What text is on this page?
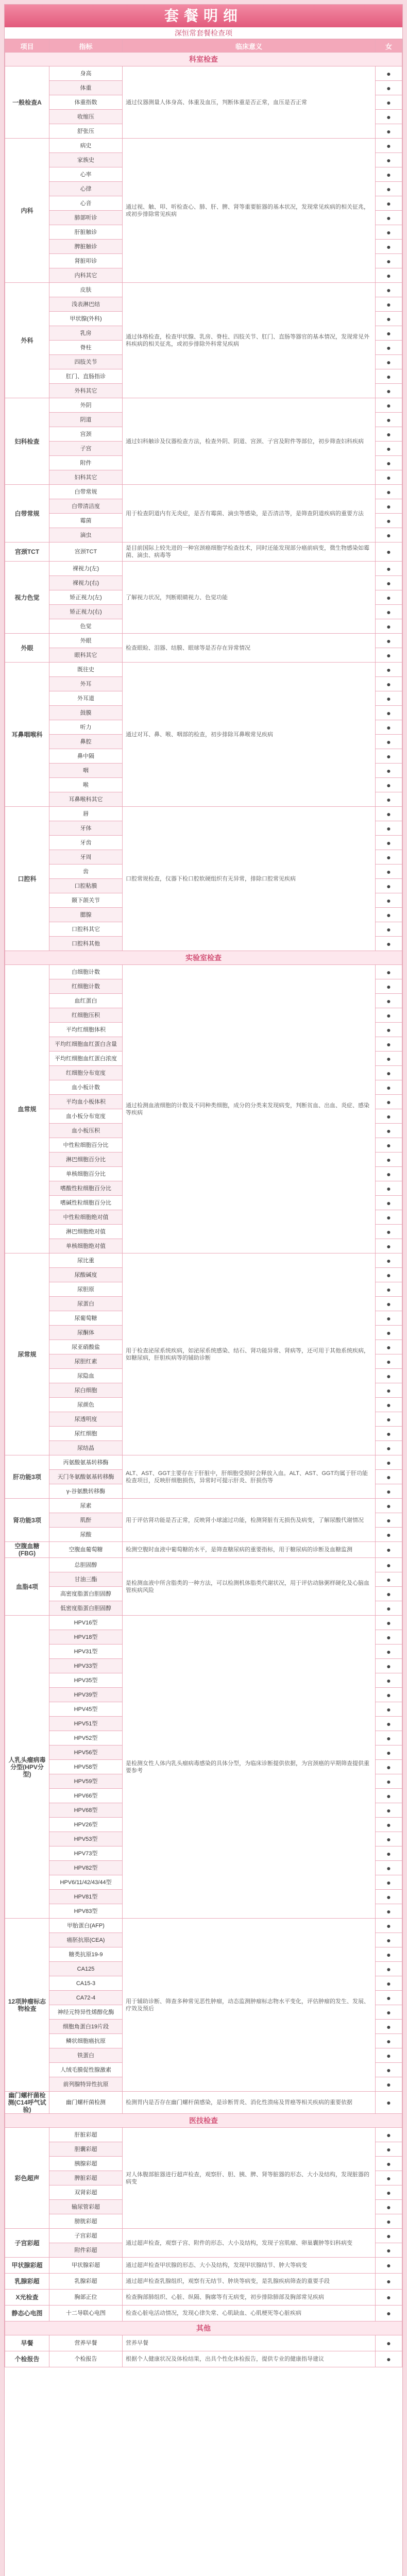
套餐明细
深恒常套餐检查项
项目	指标	临床意义	女
科室检查			
一般检查A	身高	通过仪器测量人体身高、体重及血压，判断体重是否正常，血压是否正常	●
	体重		●
	体重指数		●
	收缩压		●
	舒张压		●
内科	病史	通过视、触、叩、听检查心、肺、肝、脾、肾等重要脏器的基本状况，发现常见疾病的相关征兆，或初步排除常见疾病	●
	家族史		●
	心率		●
	心律		●
	心音		●
	肺部听诊		●
	肝脏触诊		●
	脾脏触诊		●
	肾脏叩诊		●
	内科其它		●
外科	皮肤	通过体格检查，检查甲状腺、乳房、脊柱、四肢关节、肛门、直肠等器官的基本情况，发现常见外科疾病的相关征兆，或初步排除外科常见疾病	●
	浅表淋巴结		●
	甲状腺(外科)		●
	乳房		●
	脊柱		●
	四肢关节		●
	肛门、直肠指诊		●
	外科其它		●
妇科检查	外阴	通过妇科触诊及仪器检查方法，检查外阴、阴道、宫颈、子宫及附件等部位，初步筛查妇科疾病	●
	阴道		●
	宫颈		●
	子宫		●
	附件		●
	妇科其它		●
白带常规	白带常规	用于检查阴道内有无炎症，是否有霉菌、滴虫等感染，是否清洁等，是筛查阴道疾病的重要方法	●
	白带清洁度		●
	霉菌		●
	滴虫		●
宫颈TCT	宫颈TCT	是目前国际上较先进的一种宫颈癌细胞学检查技术，同时还能发现部分癌前病变，微生物感染如霉菌、滴虫、病毒等	●
视力色觉	裸视力(左)	了解视力状况，判断眼睛视力、色觉功能	●
	裸视力(右)		●
	矫正视力(左)		●
	矫正视力(右)		●
	色觉		●
外眼	外眼	检查眼睑、泪器、结膜、眼球等是否存在异常情况	●
	眼科其它		●
耳鼻咽喉科	既往史	通过对耳、鼻、喉、咽部的检查，初步排除耳鼻喉常见疾病	●
	外耳		●
	外耳道		●
	鼓膜		●
	听力		●
	鼻腔		●
	鼻中隔		●
	咽		●
	喉		●
	耳鼻喉科其它		●
口腔科	唇	口腔常规检查，仪器下检口腔软硬组织有无异常，排除口腔常见疾病	●
	牙体		●
	牙齿		●
	牙周		●
	齿		●
	口腔粘膜		●
	颞下颌关节		●
	腮腺		●
	口腔科其它		●
	口腔科其他		●
实验室检查			
血常规	白细胞计数	通过检测血液细胞的计数及不同种类细胞，成分的分类来发现病变，判断贫血、出血、炎症、感染等疾病	●
	红细胞计数		●
	血红蛋白		●
	红细胞压积		●
	平均红细胞体积		●
	平均红细胞血红蛋白含量		●
	平均红细胞血红蛋白浓度		●
	红细胞分布宽度		●
	血小板计数		●
	平均血小板体积		●
	血小板分布宽度		●
	血小板压积		●
	中性粒细胞百分比		●
	淋巴细胞百分比		●
	单核细胞百分比		●
	嗜酸性粒细胞百分比		●
	嗜碱性粒细胞百分比		●
	中性粒细胞绝对值		●
	淋巴细胞绝对值		●
	单核细胞绝对值		●
尿常规	尿比重	用于检查泌尿系统疾病，如泌尿系统感染、结石、肾功能异常、肾病等，还可用于其他系统疾病，如糖尿病，肝胆疾病等的辅助诊断	●
	尿酸碱度		●
	尿胆原		●
	尿蛋白		●
	尿葡萄糖		●
	尿酮体		●
	尿亚硝酸盐		●
	尿胆红素		●
	尿隐血		●
	尿白细胞		●
	尿颜色		●
	尿透明度		●
	尿红细胞		●
	尿结晶		●
肝功能3项	丙氨酸氨基转移酶	ALT、AST、GGT主要存在于肝脏中，肝细胞受损时会释放入血。ALT、AST、GGT均属于肝功能检查项目，反映肝细胞损伤，异常时可提示肝炎、肝损伤等	●
	天门冬氨酸氨基转移酶		●
	γ-谷氨酰转移酶		●
肾功能3项	尿素	用于评估肾功能是否正常，反映肾小球滤过功能，检测肾脏有无损伤及病变，了解尿酸代谢情况	●
	肌酐		●
	尿酸		●
空腹血糖(FBG)	空腹血葡萄糖	检测空腹时血液中葡萄糖的水平，是筛查糖尿病的重要指标，用于糖尿病的诊断及血糖监测	●
血脂4项	总胆固醇	是检测血液中所含脂类的一种方法，可以检测机体脂类代谢状况，用于评估动脉粥样硬化及心脑血管疾病风险	●
	甘油三酯		●
	高密度脂蛋白胆固醇		●
	低密度脂蛋白胆固醇		●
人乳头瘤病毒分型(HPV分型)	HPV16型	是检测女性人体内乳头瘤病毒感染的具体分型，为临床诊断提供依据，为宫颈癌的早期筛查提供重要参考	●
	HPV18型		●
	HPV31型		●
	HPV33型		●
	HPV35型		●
	HPV39型		●
	HPV45型		●
	HPV51型		●
	HPV52型		●
	HPV56型		●
	HPV58型		●
	HPV59型		●
	HPV66型		●
	HPV68型		●
	HPV26型		●
	HPV53型		●
	HPV73型		●
	HPV82型		●
	HPV6/11/42/43/44型		●
	HPV81型		●
	HPV83型		●
12项肿瘤标志物检查	甲胎蛋白(AFP)	用于辅助诊断、筛查多种常见恶性肿瘤，动态监测肿瘤标志物水平变化，评估肿瘤的发生、发展、疗效及预后	●
	癌胚抗原(CEA)		●
	糖类抗原19-9		●
	CA125		●
	CA15-3		●
	CA72-4		●
	神经元特异性烯醇化酶		●
	细胞角蛋白19片段		●
	鳞状细胞癌抗原		●
	铁蛋白		●
	人绒毛膜促性腺激素		●
	前列腺特异性抗原		●
幽门螺杆菌检测(C14呼气试验)	幽门螺杆菌检测	检测胃内是否存在幽门螺杆菌感染，是诊断胃炎、消化性溃疡及胃癌等相关疾病的重要依据	●
医技检查			
彩色超声	肝脏彩超	对人体腹部脏器进行超声检查，观察肝、胆、胰、脾、肾等脏器的形态、大小及结构，发现脏器的病变	●
	胆囊彩超		●
	胰腺彩超		●
	脾脏彩超		●
	双肾彩超		●
	输尿管彩超		●
	膀胱彩超		●
子宫彩超	子宫彩超	通过超声检查，观察子宫、附件的形态、大小及结构，发现子宫肌瘤、卵巢囊肿等妇科病变	●
	附件彩超		●
甲状腺彩超	甲状腺彩超	通过超声检查甲状腺的形态、大小及结构，发现甲状腺结节、肿大等病变	●
乳腺彩超	乳腺彩超	通过超声检查乳腺组织，观察有无结节、肿块等病变，是乳腺疾病筛查的重要手段	●
X光检查	胸部正位	检查胸部肺组织、心脏、纵隔、胸廓等有无病变，初步排除肺部及胸部常见疾病	●
静态心电图	十二导联心电图	检查心脏电活动情况，发现心律失常、心肌缺血、心肌梗死等心脏疾病	●
其他			
早餐	营养早餐	营养早餐	●
个检报告	个检报告	根据个人健康状况及体检结果，出具个性化体检报告，提供专业的健康指导建议	●
